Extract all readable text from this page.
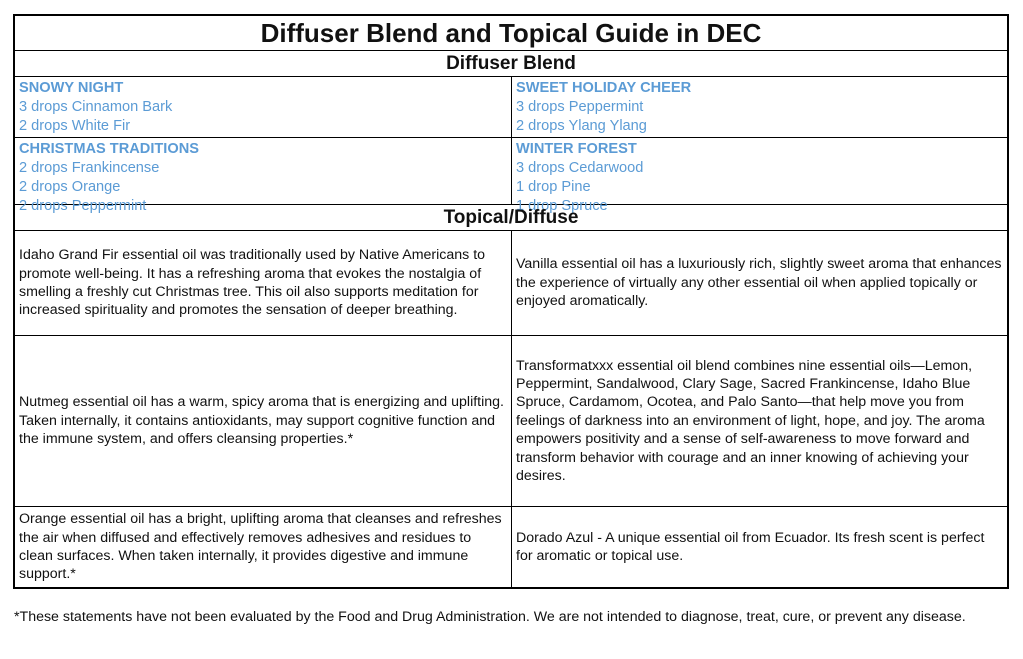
Diffuser Blend and Topical Guide in DEC
Diffuser Blend
SNOWY NIGHT
3 drops Cinnamon Bark
2 drops White Fir
SWEET HOLIDAY CHEER
3 drops Peppermint
2 drops Ylang Ylang
CHRISTMAS TRADITIONS
2 drops Frankincense
2 drops Orange
2 drops Peppermint
WINTER FOREST
3 drops Cedarwood
1 drop Pine
1 drop Spruce
Topical/Diffuse
Idaho Grand Fir essential oil was traditionally used by Native Americans to promote well-being. It has a refreshing aroma that evokes the nostalgia of smelling a freshly cut Christmas tree. This oil also supports meditation for increased spirituality and promotes the sensation of deeper breathing.
Vanilla essential oil has a luxuriously rich, slightly sweet aroma that enhances the experience of virtually any other essential oil when applied topically or enjoyed aromatically.
Nutmeg essential oil has a warm, spicy aroma that is energizing and uplifting. Taken internally, it contains antioxidants, may support cognitive function and the immune system, and offers cleansing properties.*
Transformatxxx essential oil blend combines nine essential oils—Lemon, Peppermint, Sandalwood, Clary Sage, Sacred Frankincense, Idaho Blue Spruce, Cardamom, Ocotea, and Palo Santo—that help move you from feelings of darkness into an environment of light, hope, and joy. The aroma empowers positivity and a sense of self-awareness to move forward and transform behavior with courage and an inner knowing of achieving your desires.
Orange essential oil has a bright, uplifting aroma that cleanses and refreshes the air when diffused and effectively removes adhesives and residues to clean surfaces. When taken internally, it provides digestive and immune support.*
Dorado Azul - A unique essential oil from Ecuador. Its fresh scent is perfect for aromatic or topical use.
*These statements have not been evaluated by the Food and Drug Administration. We are not intended to diagnose, treat, cure, or prevent any disease.
